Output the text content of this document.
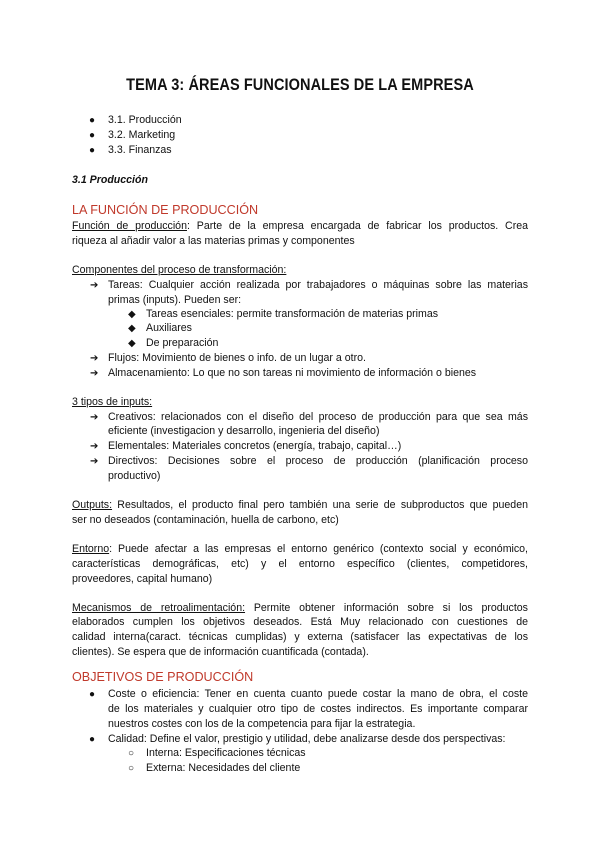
TEMA 3: ÁREAS FUNCIONALES DE LA EMPRESA
● 3.1. Producción
● 3.2. Marketing
● 3.3. Finanzas
3.1 Producción
LA FUNCIÓN DE PRODUCCIÓN
Función de producción: Parte de la empresa encargada de fabricar los productos. Crea
riqueza al añadir valor a las materias primas y componentes
Componentes del proceso de transformación:
➔ Tareas: Cualquier acción realizada por trabajadores o máquinas sobre las materias
primas (inputs). Pueden ser:
◆ Tareas esenciales: permite transformación de materias primas
◆ Auxiliares
◆ De preparación
➔ Flujos: Movimiento de bienes o info. de un lugar a otro.
➔ Almacenamiento: Lo que no son tareas ni movimiento de información o bienes
3 tipos de inputs:
➔ Creativos: relacionados con el diseño del proceso de producción para que sea más
eficiente (investigacion y desarrollo, ingenieria del diseño)
➔ Elementales: Materiales concretos (energía, trabajo, capital…)
➔ Directivos: Decisiones sobre el proceso de producción (planificación proceso
productivo)
Outputs: Resultados, el producto final pero también una serie de subproductos que pueden
ser no deseados (contaminación, huella de carbono, etc)
Entorno: Puede afectar a las empresas el entorno genérico (contexto social y económico,
características demográficas, etc) y el entorno específico (clientes, competidores,
proveedores, capital humano)
Mecanismos de retroalimentación: Permite obtener información sobre si los productos
elaborados cumplen los objetivos deseados. Está Muy relacionado con cuestiones de
calidad interna(caract. técnicas cumplidas) y externa (satisfacer las expectativas de los
clientes). Se espera que de información cuantificada (contada).
OBJETIVOS DE PRODUCCIÓN
● Coste o eficiencia: Tener en cuenta cuanto puede costar la mano de obra, el coste
de los materiales y cualquier otro tipo de costes indirectos. Es importante comparar
nuestros costes con los de la competencia para fijar la estrategia.
● Calidad: Define el valor, prestigio y utilidad, debe analizarse desde dos perspectivas:
○ Interna: Especificaciones técnicas
○ Externa: Necesidades del cliente
